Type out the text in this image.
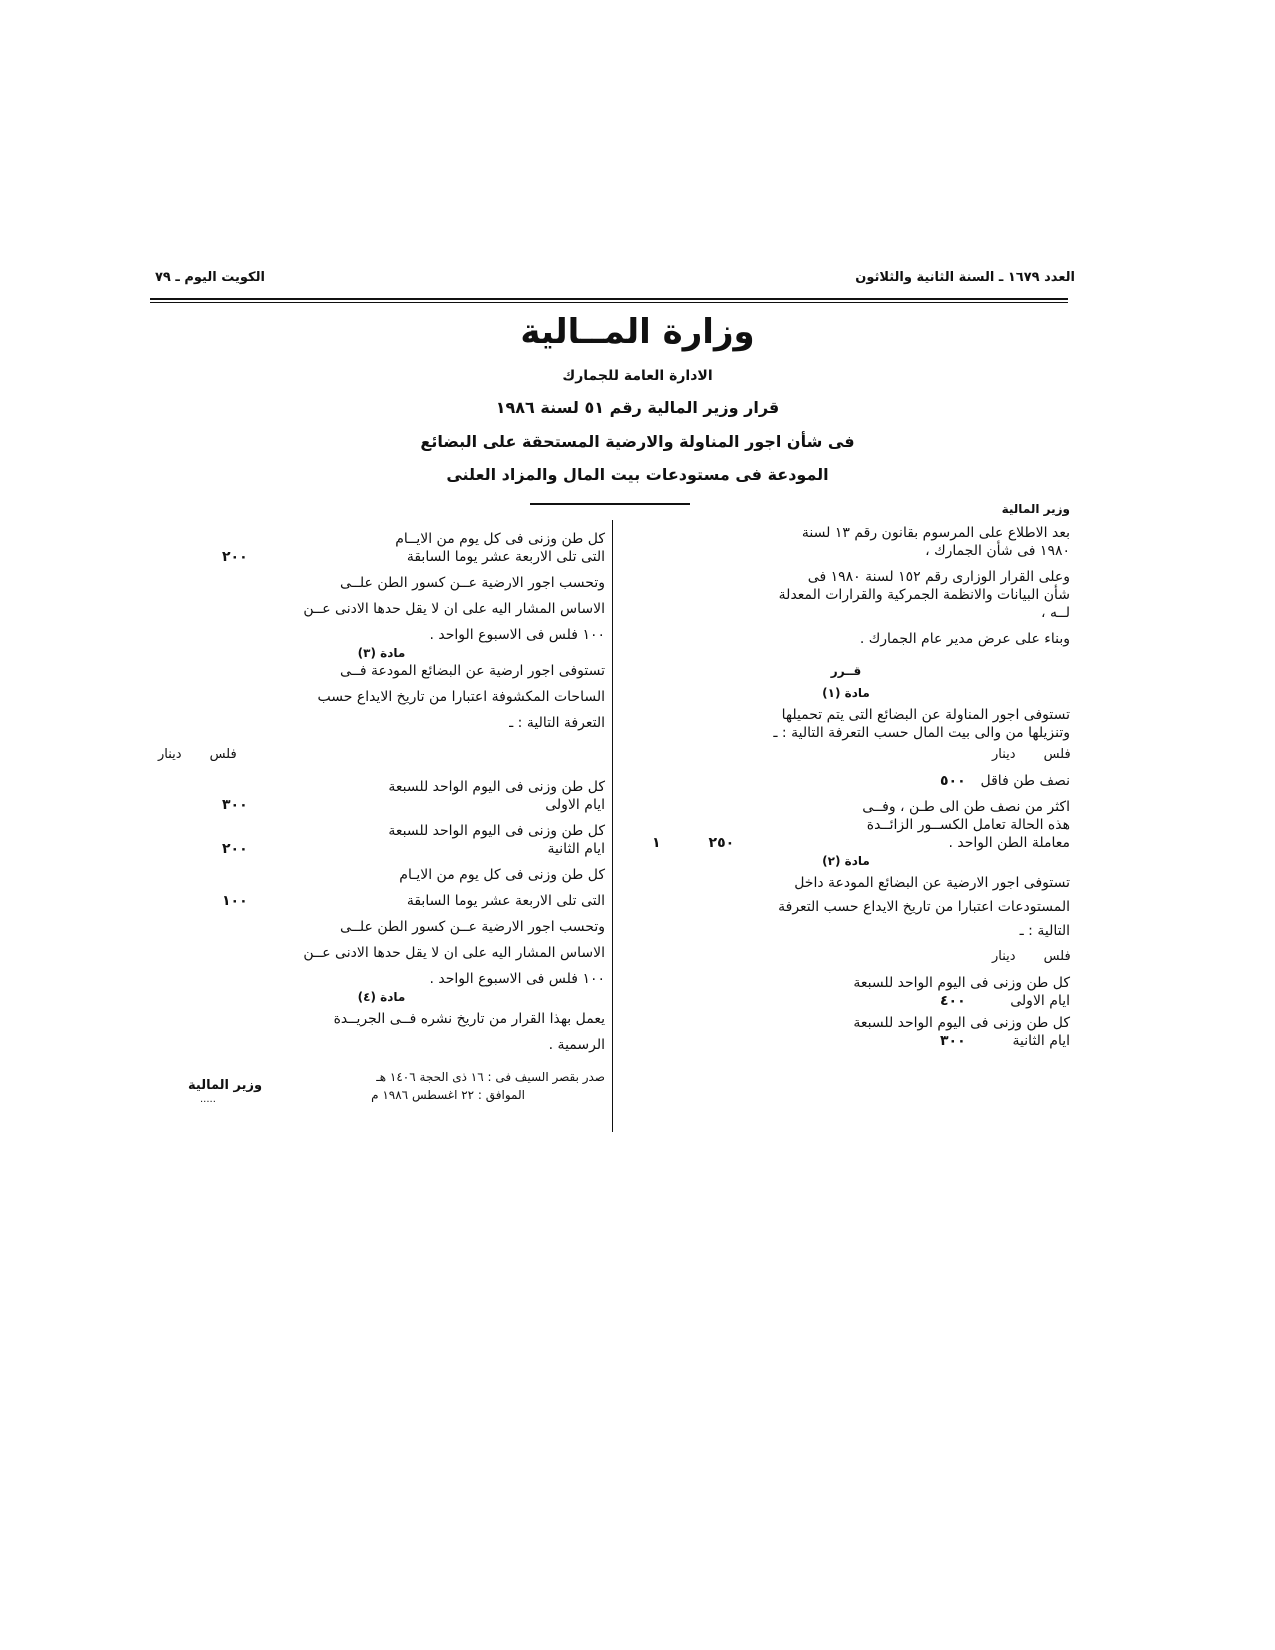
العدد ١٦٧٩ ـ السنة الثانية والثلاثون
الكويت اليوم ـ ٧٩
وزارة المــالية
الادارة العامة للجمارك
قرار وزير المالية رقم ٥١ لسنة ١٩٨٦
فى شأن اجور المناولة والارضية المستحقة على البضائع
المودعة فى مستودعات بيت المال والمزاد العلنى
وزير المالية
بعد الاطلاع على المرسوم بقانون رقم ١٣ لسنة
١٩٨٠ فى شأن الجمارك ،
وعلى القرار الوزارى رقم ١٥٢ لسنة ١٩٨٠ فى
شأن البيانات والانظمة الجمركية والقرارات المعدلة
لــه ،
وبناء على عرض مدير عام الجمارك .
قــرر
مادة (١)
تستوفى اجور المناولة عن البضائع التى يتم تحميلها
وتنزيلها من والى بيت المال حسب التعرفة التالية : ـ
فلس
دينار
نصف طن فاقل
٥٠٠
اكثر من نصف طن الى طـن ، وفــى
هذه الحالة تعامل الكســور الزائــدة
معاملة الطن الواحد .
٢٥٠
١
مادة (٢)
تستوفى اجور الارضية عن البضائع المودعة داخل
المستودعات اعتبارا من تاريخ الايداع حسب التعرفة
التالية : ـ
فلس
دينار
كل طن وزنى فى اليوم الواحد للسبعة
ايام الاولى
٤٠٠
كل طن وزنى فى اليوم الواحد للسبعة
ايام الثانية
٣٠٠
كل طن وزنى فى كل يوم من الايــام
التى تلى الاربعة عشر يوما السابقة
٢٠٠
وتحسب اجور الارضية عــن كسور الطن علــى
الاساس المشار اليه على ان لا يقل حدها الادنى عــن
١٠٠ فلس فى الاسبوع الواحد .
مادة (٣)
تستوفى اجور ارضية عن البضائع المودعة فــى
الساحات المكشوفة اعتبارا من تاريخ الايداع حسب
التعرفة التالية : ـ
فلس
دينار
كل طن وزنى فى اليوم الواحد للسبعة
ايام الاولى
٣٠٠
كل طن وزنى فى اليوم الواحد للسبعة
ايام الثانية
٢٠٠
كل طن وزنى فى كل يوم من الايـام
التى تلى الاربعة عشر يوما السابقة
١٠٠
وتحسب اجور الارضية عــن كسور الطن علــى
الاساس المشار اليه على ان لا يقل حدها الادنى عــن
١٠٠ فلس فى الاسبوع الواحد .
مادة (٤)
يعمل بهذا القرار من تاريخ نشره فــى الجريــدة
الرسمية .
صدر بقصر السيف فى : ١٦ ذى الحجة ١٤٠٦ هـ
الموافق : ٢٢ اغسطس ١٩٨٦ م
وزير المالية
.....
